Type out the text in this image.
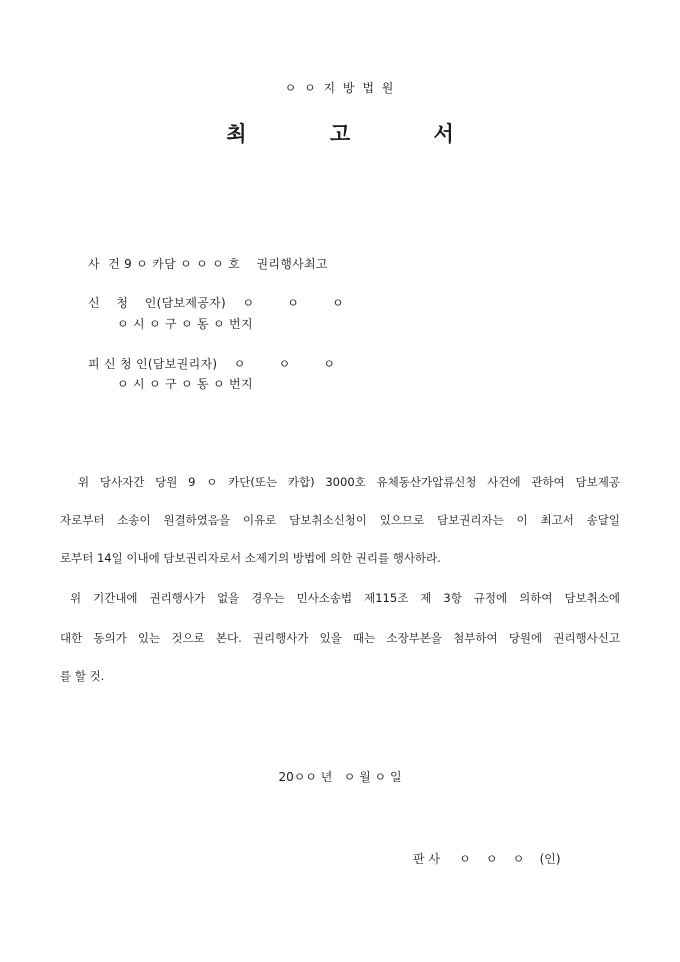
ㅇ ㅇ 지 방 법 원
최 고 서
사  건 9 ㅇ 카담 ㅇ ㅇ ㅇ 호    권리행사최고
신    청    인(담보제공자)    ㅇ        ㅇ        ㅇ
ㅇ 시 ㅇ 구 ㅇ 동 ㅇ 번지
피 신 청 인(담보권리자)    ㅇ        ㅇ        ㅇ
ㅇ 시 ㅇ 구 ㅇ 동 ㅇ 번지
위 당사자간 당원 9 ㅇ 카단(또는 카합) 3000호 유체동산가압류신청 사건에 관하여 담보제공
자로부터 소송이 원결하였음을 이유로 담보취소신청이 있으므로 담보권리자는 이 최고서 송달일
로부터 14일 이내에 담보권리자로서 소제기의 방법에 의한 권리를 행사하라.
위 기간내에 권리행사가 없을 경우는 민사소송법 제115조 제 3항 규정에 의하여 담보취소에
대한 동의가 있는 것으로 본다. 권리행사가 있을 때는 소장부본을 첨부하여 당원에 권리행사신고
를 할 것.
20ㅇㅇ 년   ㅇ 월 ㅇ 일
판 사     ㅇ    ㅇ    ㅇ    (인)
